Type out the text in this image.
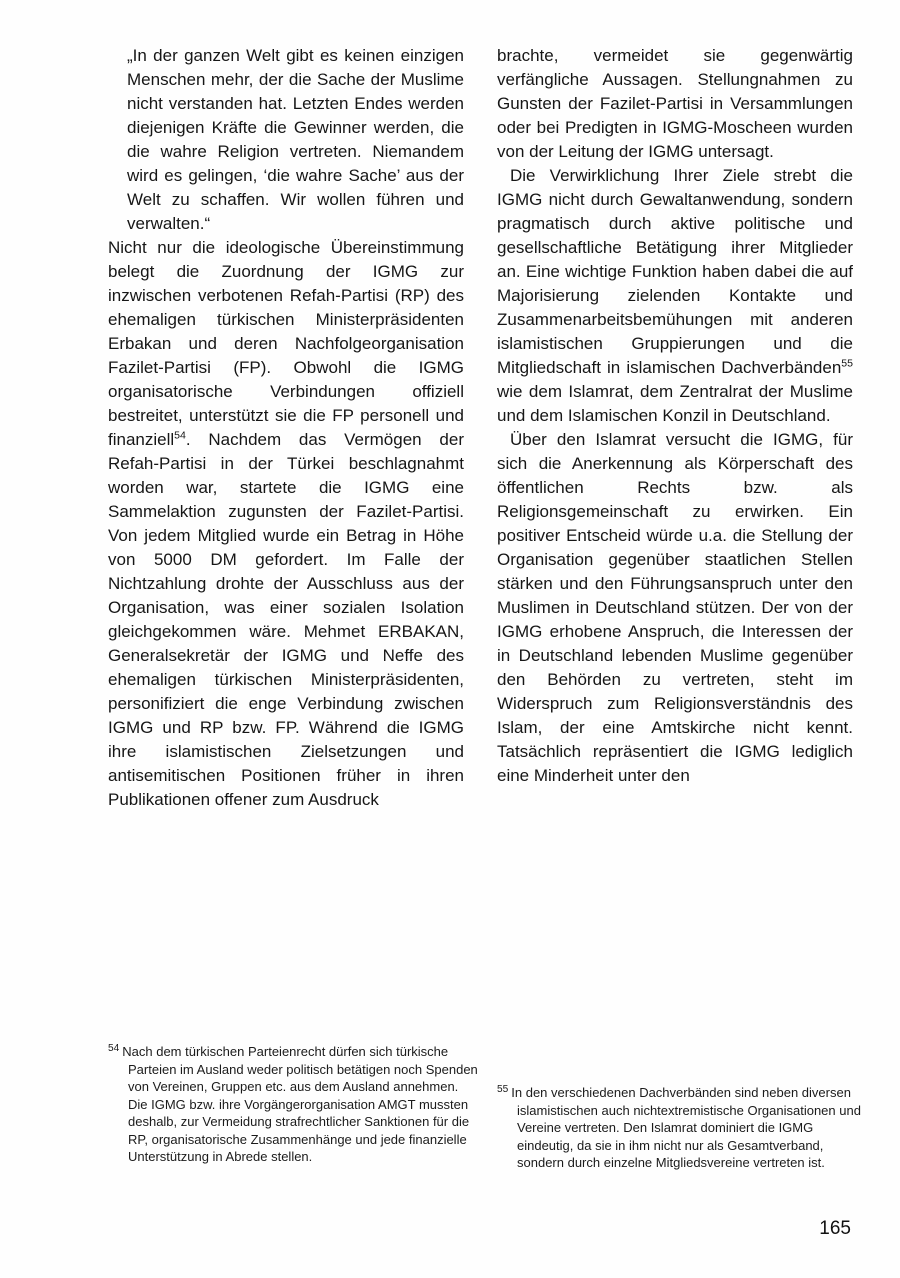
„In der ganzen Welt gibt es keinen einzigen Menschen mehr, der die Sache der Muslime nicht verstanden hat. Letzten Endes werden diejenigen Kräfte die Gewinner werden, die die wahre Religion vertreten. Niemandem wird es gelingen, ‘die wahre Sache’ aus der Welt zu schaffen. Wir wollen führen und verwalten.“

Nicht nur die ideologische Übereinstimmung belegt die Zuordnung der IGMG zur inzwischen verbotenen Refah-Partisi (RP) des ehemaligen türkischen Ministerpräsidenten Erbakan und deren Nachfolgeorganisation Fazilet-Partisi (FP). Obwohl die IGMG organisatorische Verbindungen offiziell bestreitet, unterstützt sie die FP personell und finanziell$^{54}$. Nachdem das Vermögen der Refah-Partisi in der Türkei beschlagnahmt worden war, startete die IGMG eine Sammelaktion zugunsten der Fazilet-Partisi. Von jedem Mitglied wurde ein Betrag in Höhe von 5000 DM gefordert. Im Falle der Nichtzahlung drohte der Ausschluss aus der Organisation, was einer sozialen Isolation gleichgekommen wäre. Mehmet ERBAKAN, Generalsekretär der IGMG und Neffe des ehemaligen türkischen Ministerpräsidenten, personifiziert die enge Verbindung zwischen IGMG und RP bzw. FP. Während die IGMG ihre islamistischen Zielsetzungen und antisemitischen Positionen früher in ihren Publikationen offener zum Ausdruck

brachte, vermeidet sie gegenwärtig verfängliche Aussagen. Stellungnahmen zu Gunsten der Fazilet-Partisi in Versammlungen oder bei Predigten in IGMG-Moscheen wurden von der Leitung der IGMG untersagt.

Die Verwirklichung Ihrer Ziele strebt die IGMG nicht durch Gewaltanwendung, sondern pragmatisch durch aktive politische und gesellschaftliche Betätigung ihrer Mitglieder an. Eine wichtige Funktion haben dabei die auf Majorisierung zielenden Kontakte und Zusammenarbeitsbemühungen mit anderen islamistischen Gruppierungen und die Mitgliedschaft in islamischen Dachverbänden$^{55}$ wie dem Islamrat, dem Zentralrat der Muslime und dem Islamischen Konzil in Deutschland.

Über den Islamrat versucht die IGMG, für sich die Anerkennung als Körperschaft des öffentlichen Rechts bzw. als Religionsgemeinschaft zu erwirken. Ein positiver Entscheid würde u.a. die Stellung der Organisation gegenüber staatlichen Stellen stärken und den Führungsanspruch unter den Muslimen in Deutschland stützen. Der von der IGMG erhobene Anspruch, die Interessen der in Deutschland lebenden Muslime gegenüber den Behörden zu vertreten, steht im Widerspruch zum Religionsverständnis des Islam, der eine Amtskirche nicht kennt. Tatsächlich repräsentiert die IGMG lediglich eine Minderheit unter den

$^{54}$ Nach dem türkischen Parteienrecht dürfen sich türkische Parteien im Ausland weder politisch betätigen noch Spenden von Vereinen, Gruppen etc. aus dem Ausland annehmen. Die IGMG bzw. ihre Vorgängerorganisation AMGT mussten deshalb, zur Vermeidung strafrechtlicher Sanktionen für die RP, organisatorische Zusammenhänge und jede finanzielle Unterstützung in Abrede stellen.
$^{55}$ In den verschiedenen Dachverbänden sind neben diversen islamistischen auch nichtextremistische Organisationen und Vereine vertreten. Den Islamrat dominiert die IGMG eindeutig, da sie in ihm nicht nur als Gesamtverband, sondern durch einzelne Mitgliedsvereine vertreten ist.
165
